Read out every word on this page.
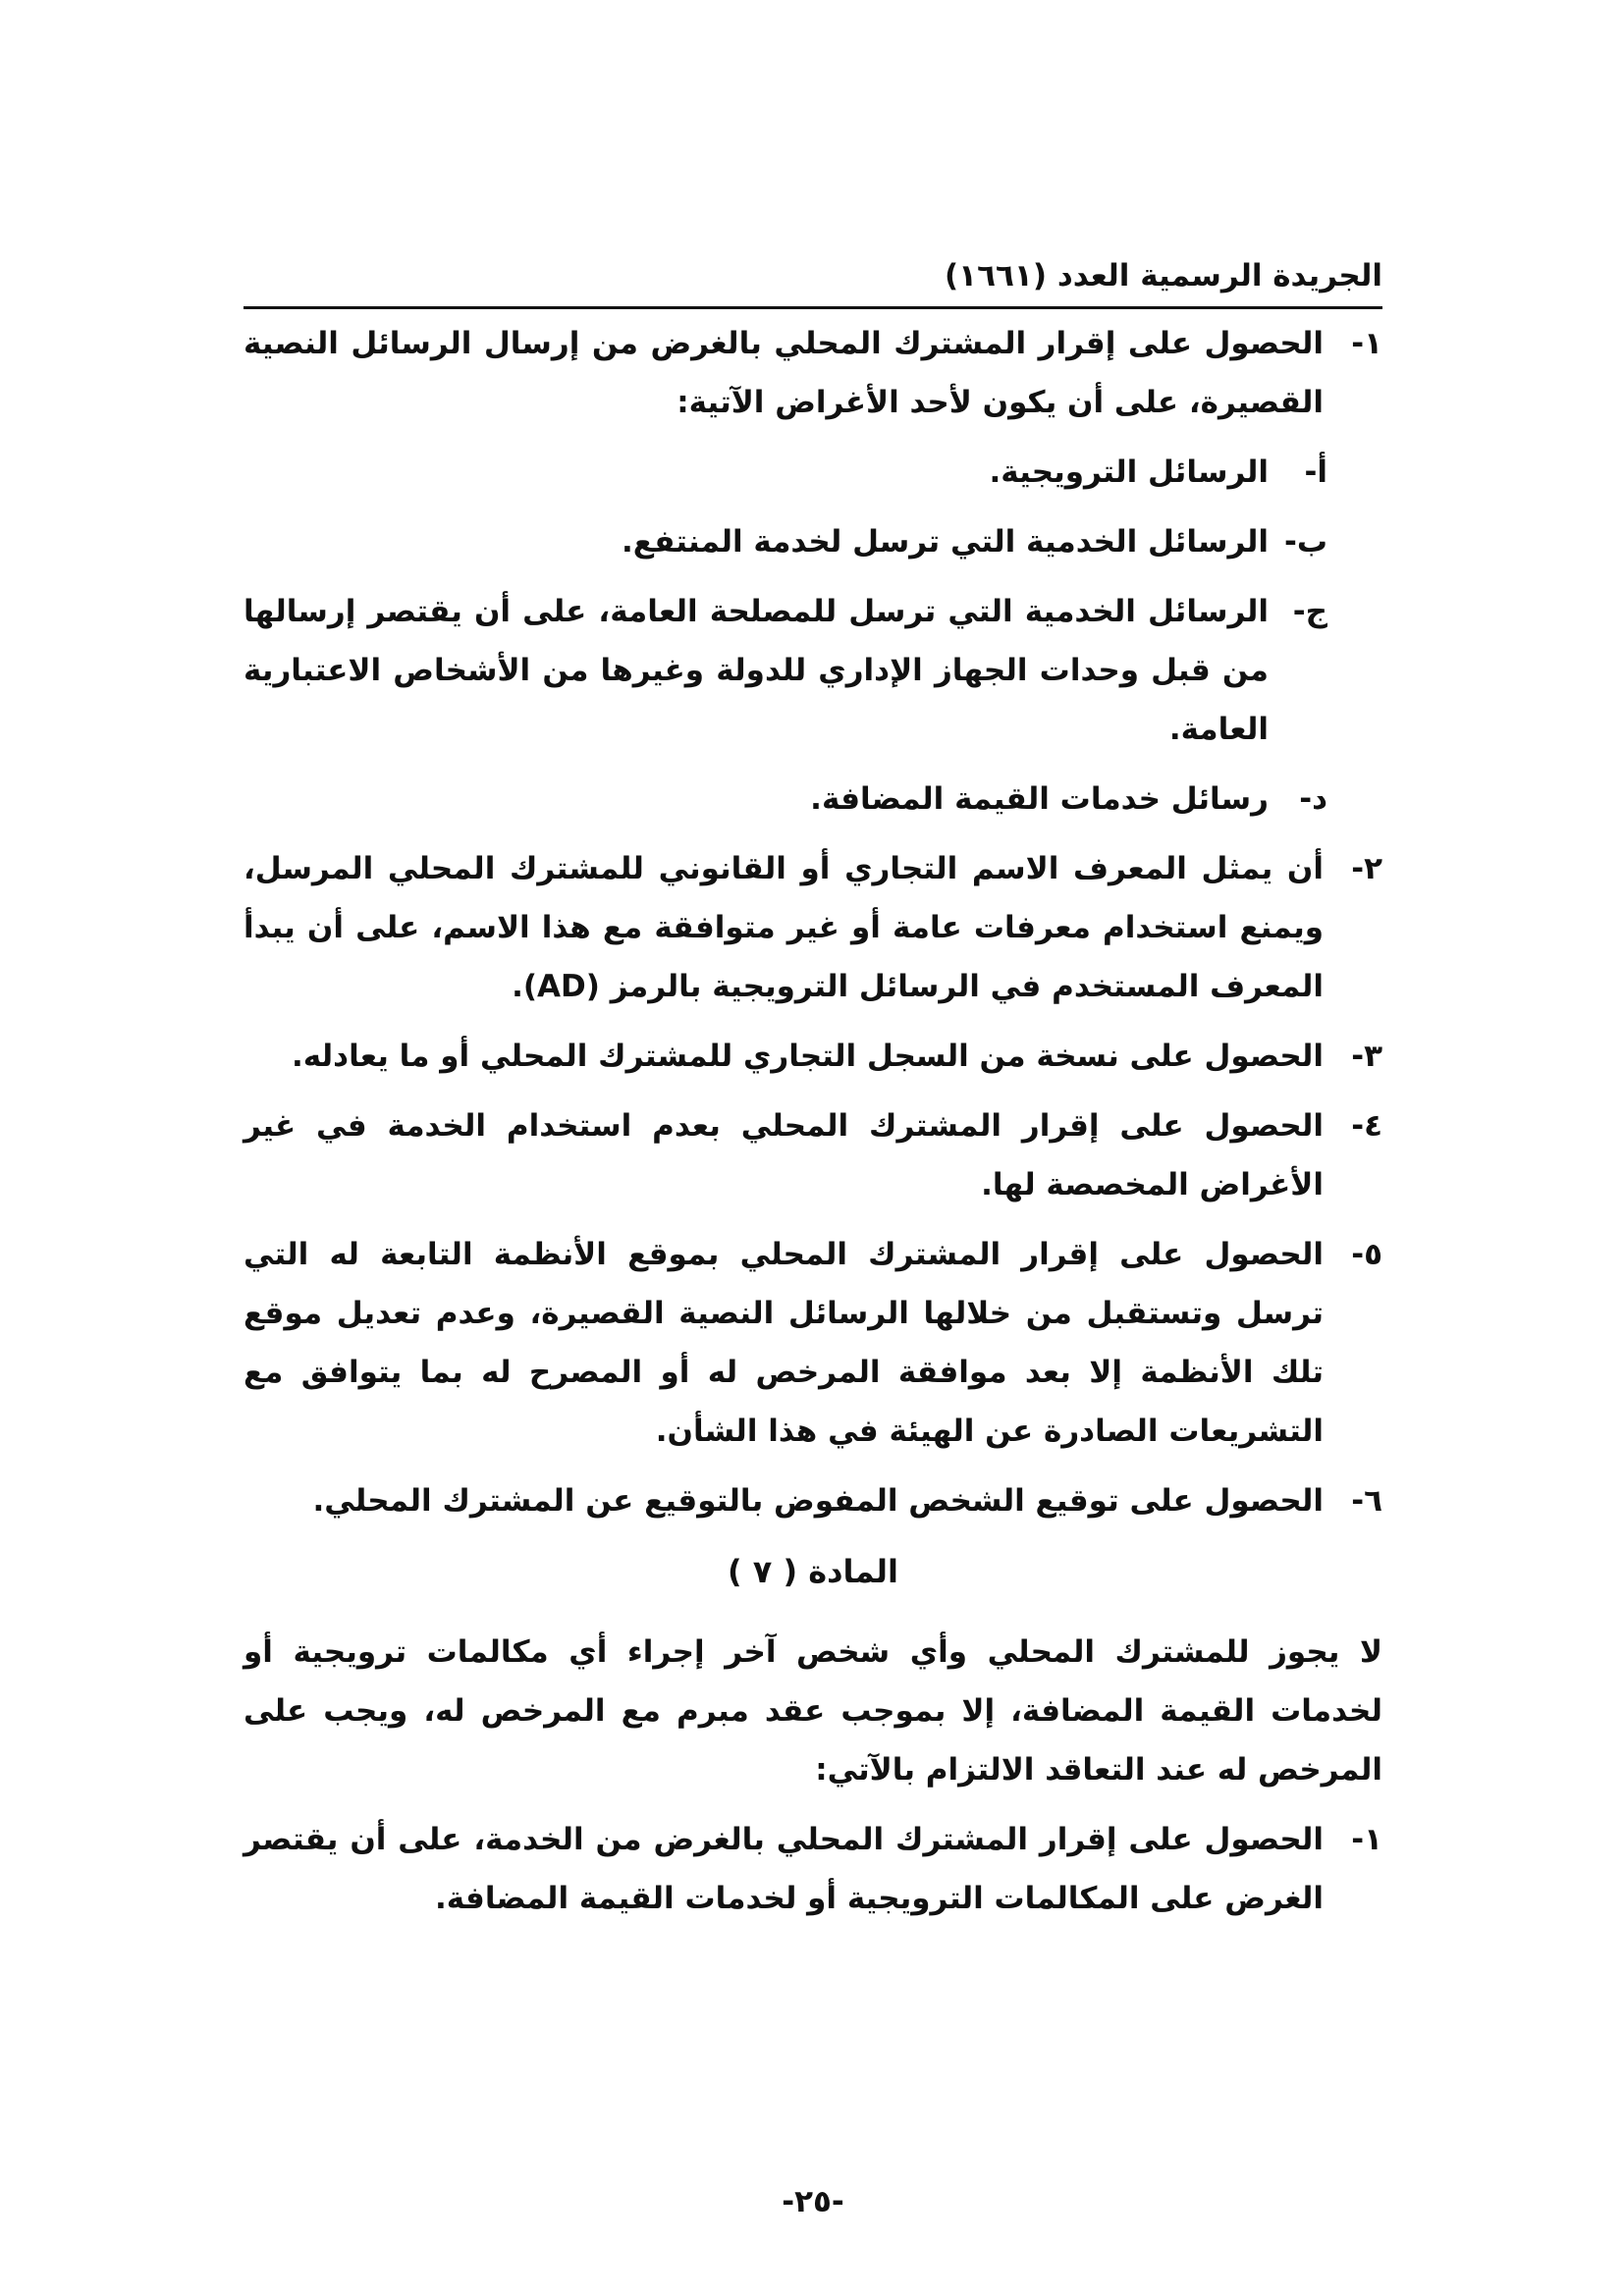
الجريدة الرسمية العدد (١٦٦١)
١-
الحصول على إقرار المشترك المحلي بالغرض من إرسال الرسائل النصية القصيرة، على أن يكون لأحد الأغراض الآتية:
أ-
الرسائل الترويجية.
ب-
الرسائل الخدمية التي ترسل لخدمة المنتفع.
ج-
الرسائل الخدمية التي ترسل للمصلحة العامة، على أن يقتصر إرسالها من قبل وحدات الجهاز الإداري للدولة وغيرها من الأشخاص الاعتبارية العامة.
د-
رسائل خدمات القيمة المضافة.
٢-
أن يمثل المعرف الاسم التجاري أو القانوني للمشترك المحلي المرسل، ويمنع استخدام معرفات عامة أو غير متوافقة مع هذا الاسم، على أن يبدأ المعرف المستخدم في الرسائل الترويجية بالرمز (AD).
٣-
الحصول على نسخة من السجل التجاري للمشترك المحلي أو ما يعادله.
٤-
الحصول على إقرار المشترك المحلي بعدم استخدام الخدمة في غير الأغراض المخصصة لها.
٥-
الحصول على إقرار المشترك المحلي بموقع الأنظمة التابعة له التي ترسل وتستقبل من خلالها الرسائل النصية القصيرة، وعدم تعديل موقع تلك الأنظمة إلا بعد موافقة المرخص له أو المصرح له بما يتوافق مع التشريعات الصادرة عن الهيئة في هذا الشأن.
٦-
الحصول على توقيع الشخص المفوض بالتوقيع عن المشترك المحلي.
المادة ( ٧ )
لا يجوز للمشترك المحلي وأي شخص آخر إجراء أي مكالمات ترويجية أو لخدمات القيمة المضافة، إلا بموجب عقد مبرم مع المرخص له، ويجب على المرخص له عند التعاقد الالتزام بالآتي:
١-
الحصول على إقرار المشترك المحلي بالغرض من الخدمة، على أن يقتصر الغرض على المكالمات الترويجية أو لخدمات القيمة المضافة.
-٢٥-
